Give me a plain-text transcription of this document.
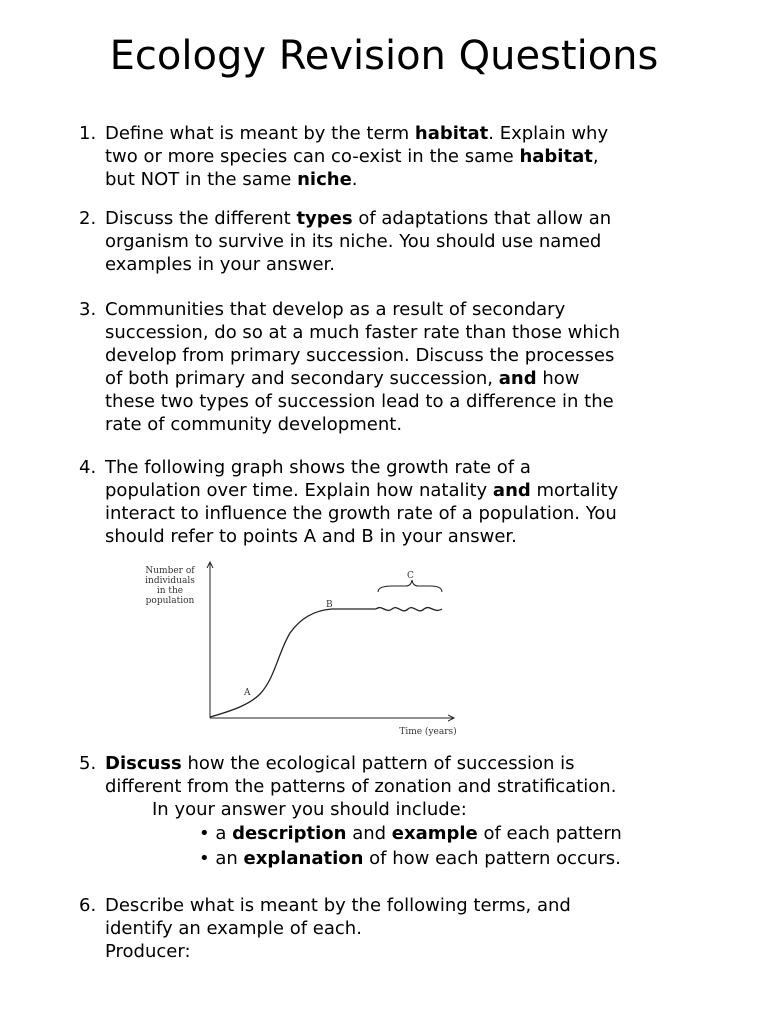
Ecology Revision Questions
1. Define what is meant by the term habitat. Explain why
two or more species can co-exist in the same habitat,
but NOT in the same niche.
2. Discuss the different types of adaptations that allow an
organism to survive in its niche. You should use named
examples in your answer.
3. Communities that develop as a result of secondary
succession, do so at a much faster rate than those which
develop from primary succession. Discuss the processes
of both primary and secondary succession, and how
these two types of succession lead to a difference in the
rate of community development.
4. The following graph shows the growth rate of a
population over time. Explain how natality and mortality
interact to influence the growth rate of a population. You
should refer to points A and B in your answer.
Number of
individuals
in the
population
Time (years)
A
B
C
5. Discuss how the ecological pattern of succession is
different from the patterns of zonation and stratification.
In your answer you should include:
• a description and example of each pattern
• an explanation of how each pattern occurs.
6. Describe what is meant by the following terms, and
identify an example of each.
Producer:
